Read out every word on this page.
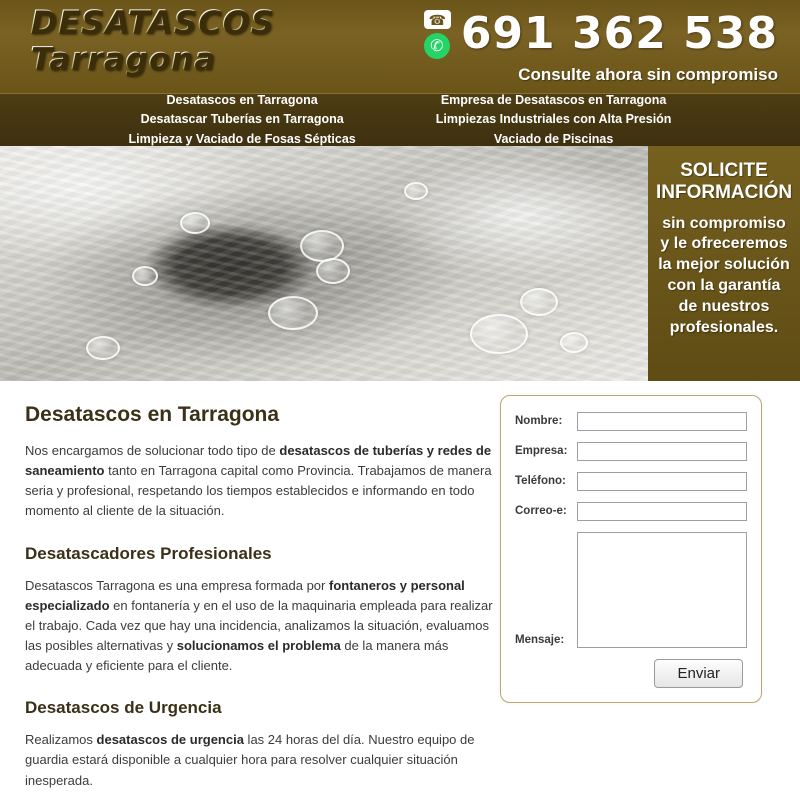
DESATASCOS
Tarragona
☎
✆ 691 362 538
Consulte ahora sin compromiso
Desatascos en Tarragona
Desatascar Tuberías en Tarragona
Limpieza y Vaciado de Fosas Sépticas
Empresa de Desatascos en Tarragona
Limpiezas Industriales con Alta Presión
Vaciado de Piscinas
SOLICITE INFORMACIÓN
sin compromiso y le ofreceremos la mejor solución con la garantía de nuestros profesionales.
Desatascos en Tarragona

Nos encargamos de solucionar todo tipo de desatascos de tuberías y redes de saneamiento tanto en Tarragona capital como Provincia. Trabajamos de manera seria y profesional, respetando los tiempos establecidos e informando en todo momento al cliente de la situación.

Desatascadores Profesionales

Desatascos Tarragona es una empresa formada por fontaneros y personal especializado en fontanería y en el uso de la maquinaria empleada para realizar el trabajo. Cada vez que hay una incidencia, analizamos la situación, evaluamos las posibles alternativas y solucionamos el problema de la manera más adecuada y eficiente para el cliente.

Desatascos de Urgencia

Realizamos desatascos de urgencia las 24 horas del día. Nuestro equipo de guardia estará disponible a cualquier hora para resolver cualquier situación inesperada.

Nombre:
Empresa:
Teléfono:
Correo-e:
Mensaje:
Enviar
